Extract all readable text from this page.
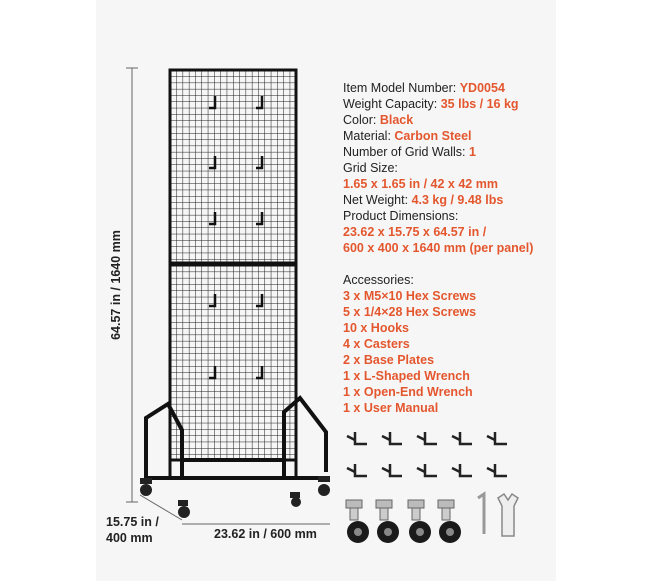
64.57 in / 1640 mm
15.75 in /
400 mm	23.62 in / 600 mm
Item Model Number: YD0054
Weight Capacity: 35 lbs / 16 kg
Color: Black
Material: Carbon Steel
Number of Grid Walls: 1
Grid Size:
1.65 x 1.65 in / 42 x 42 mm
Net Weight: 4.3 kg / 9.48 lbs
Product Dimensions:
23.62 x 15.75 x 64.57 in /
600 x 400 x 1640 mm (per panel)
Accessories:
3 x M5×10 Hex Screws
5 x 1/4×28 Hex Screws
10 x Hooks
4 x Casters
2 x Base Plates
1 x L-Shaped Wrench
1 x Open-End Wrench
1 x User Manual
